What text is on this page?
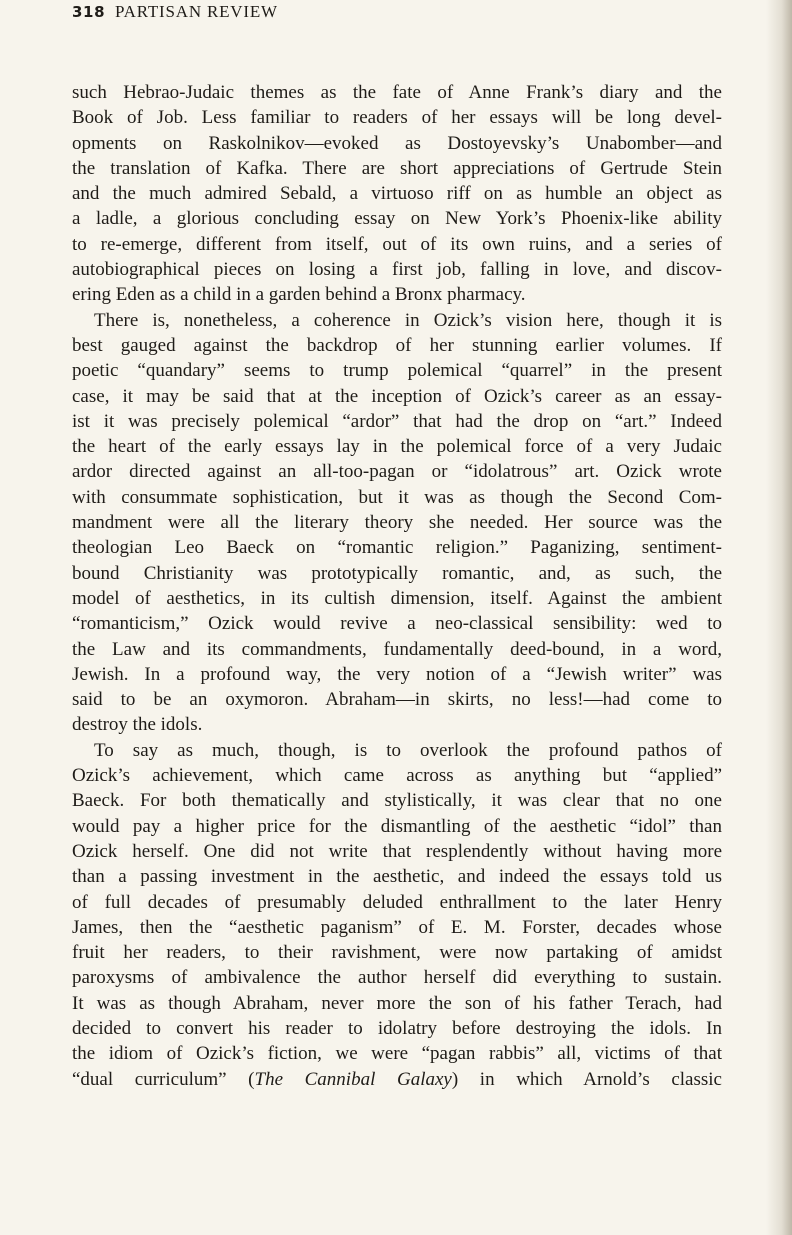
318 PARTISAN REVIEW
such Hebrao-Judaic themes as the fate of Anne Frank’s diary and the
Book of Job. Less familiar to readers of her essays will be long devel-
opments on Raskolnikov—evoked as Dostoyevsky’s Unabomber—and
the translation of Kafka. There are short appreciations of Gertrude Stein
and the much admired Sebald, a virtuoso riff on as humble an object as
a ladle, a glorious concluding essay on New York’s Phoenix-like ability
to re-emerge, different from itself, out of its own ruins, and a series of
autobiographical pieces on losing a first job, falling in love, and discov-
ering Eden as a child in a garden behind a Bronx pharmacy.
There is, nonetheless, a coherence in Ozick’s vision here, though it is
best gauged against the backdrop of her stunning earlier volumes. If
poetic “quandary” seems to trump polemical “quarrel” in the present
case, it may be said that at the inception of Ozick’s career as an essay-
ist it was precisely polemical “ardor” that had the drop on “art.” Indeed
the heart of the early essays lay in the polemical force of a very Judaic
ardor directed against an all-too-pagan or “idolatrous” art. Ozick wrote
with consummate sophistication, but it was as though the Second Com-
mandment were all the literary theory she needed. Her source was the
theologian Leo Baeck on “romantic religion.” Paganizing, sentiment-
bound Christianity was prototypically romantic, and, as such, the
model of aesthetics, in its cultish dimension, itself. Against the ambient
“romanticism,” Ozick would revive a neo-classical sensibility: wed to
the Law and its commandments, fundamentally deed-bound, in a word,
Jewish. In a profound way, the very notion of a “Jewish writer” was
said to be an oxymoron. Abraham—in skirts, no less!—had come to
destroy the idols.
To say as much, though, is to overlook the profound pathos of
Ozick’s achievement, which came across as anything but “applied”
Baeck. For both thematically and stylistically, it was clear that no one
would pay a higher price for the dismantling of the aesthetic “idol” than
Ozick herself. One did not write that resplendently without having more
than a passing investment in the aesthetic, and indeed the essays told us
of full decades of presumably deluded enthrallment to the later Henry
James, then the “aesthetic paganism” of E. M. Forster, decades whose
fruit her readers, to their ravishment, were now partaking of amidst
paroxysms of ambivalence the author herself did everything to sustain.
It was as though Abraham, never more the son of his father Terach, had
decided to convert his reader to idolatry before destroying the idols. In
the idiom of Ozick’s fiction, we were “pagan rabbis” all, victims of that
“dual curriculum” (The Cannibal Galaxy) in which Arnold’s classic
